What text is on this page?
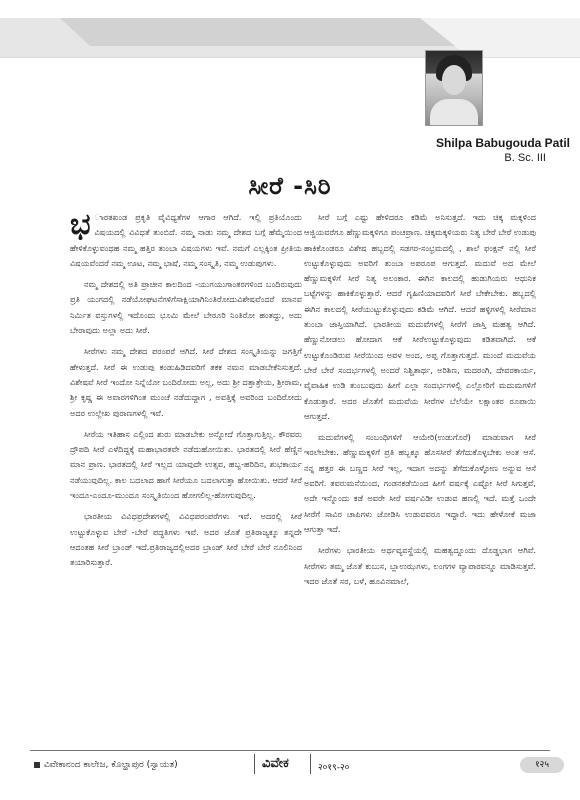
Shilpa Babugouda Patil
B. Sc. III
ಸೀರೆ -ಸಿರಿ

ಭ ಾರತಖಂಡ ಪ್ರಕೃತಿ ವೈವಿಧ್ಯತೆಗಳ ಆಗಾರ ಆಗಿದೆ. ಇಲ್ಲಿ ಪ್ರತಿಯೊಂದು ವಿಷಯದಲ್ಲಿ ವಿವಿಧತೆ ತುಂಬಿದೆ. ನಮ್ಮ ನಾಡು ನಮ್ಮ ದೇಶದ ಬಗ್ಗೆ ಹೆಮ್ಮೆಯಿಂದ ಹೇಳಿಕೊಳ್ಳುವಂಥಹ ನಮ್ಮ ಹತ್ತಿರ ತುಂಬಾ ವಿಷಯಗಳು ಇವೆ. ನಮಗೆ ಎಲ್ಲಕ್ಕಿಂತ ಪ್ರೀತಿಯ ವಿಷಯವೆಂದರೆ ನಮ್ಮ ಊಟ, ನಮ್ಮ ಭಾಷೆ, ನಮ್ಮ ಸಂಸ್ಕೃತಿ, ನಮ್ಮ ಉಡುಪುಗಳು.

ನಮ್ಮ ದೇಶದಲ್ಲಿ ಅತಿ ಪ್ರಾಚೀನ ಕಾಲದಿಂದ -ಯುಗಯುಗಾಂತರಗಳಿಂದ ಬಂದಿರುವುದು ಪ್ರತಿ ಯುಗದಲ್ಲಿ ನಡೆಯೋಘಟನೆಗಳಿಗೆಸಾಕ್ಷಿಯಾಗಿನಿಂತಿರೋದುವಿಶೇಷವೆಂದರೆ ಮಾನವ ನಿರ್ಮಿತ ವಸ್ತುಗಳಲ್ಲಿ ಇದೊಂದು ಭೂಮಿ ಮೇಲೆ ಬೇರೂರಿ ನಿಂತಿರೋ ಹಂತದ್ದು, ಅದು ಬೇರಾವುದು ಅಲ್ಲಾ ಅದು ಸೀರೆ.

ಸೀರೆಗಳು ನಮ್ಮ ದೇಶದ ಪರಂಪರೆ ಆಗಿದೆ. ಸೀರೆ ದೇಶದ ಸಂಸ್ಕೃತಿಯನ್ನು ಜಗತ್ತಿಗೆ ಹೇಳುತ್ತದೆ. ಸೀರೆ ಈ ಉಡುಪು ಕಂಡುಹಿಡಿದವರಿಗೆ ತಕಕ ನಮನ ಮಾಡಬೇಕೆನಿಸುತ್ತದೆ. ವಿಶೇಷವೆ ಸೀರೆ ಇಂದೋ ನಿನ್ನೆಯೋ ಬಂದಿರೋದು ಅಲ್ಲ, ಅದು ಶ್ರೀ ದತ್ತಾತ್ರೇಯ, ಶ್ರೀರಾಮ, ಶ್ರೀ ಕೃಷ್ಣ ಈ ಅವಾರಗಳಿಗಿಂತ ಮುಂಚೆ ನಡೆದುದ್ದಾಗ , ಅವತ್ತಿಕ್ಕೆ ಅವರಿಂದ ಬಂದಿರೋದು ಅದರ ಉಲ್ಲೇಖ ಪುರಾಣಗಳಲ್ಲಿ ಇವೆ.

ಸೀರೆಯ ಇತಿಹಾಸ ಎಲ್ಲಿಂದ ಶುರು ಮಾಡಬೇಕು ಅನ್ನೋದೆ ಗೊತ್ತಾಗುತ್ತಿಲ್ಲ. ಕೌರವರು ದ್ರೌಪದಿ ಸೀರೆ ಎಳೆದಿದ್ದಕ್ಕೆ ಮಹಾಭಾರತವೇ ನಡೆದುಹೋಯಿತು. ಭಾರತದಲ್ಲಿ ಸೀರೆ ಹೆಣ್ಣಿನ ಮಾನ ಪ್ರಾಣ. ಭಾರತದಲ್ಲಿ ಸೀರೆ ಇಲ್ಲದ ಯಾವುದೇ ಉತ್ಸವ, ಹಬ್ಬ-ಹರಿದಿನ, ಶುಭಕಾರ್ಯ ನಡೆಯುವುದಿಲ್ಲ. ಕಾಲ ಬದಲಾದ ಹಾಗೆ ಸೀರೆಯೂ ಬದಲಾಗುತ್ತಾ ಹೋಯಿತು. ಆದರೆ ಸೀರೆ ಇಂದೂ-ಎಂದೂ-ಮುಂದೂ ಸಂಸ್ಕೃತಿಯಿಂದ ಹೋಗಲಿಲ್ಲ-ಹೋಗುವುದಿಲ್ಲ.

ಭಾರತೀಯ ವಿವಿಧಪ್ರದೇಶಗಳಲ್ಲಿ ವಿವಿಧಪರಂಪರೆಗಳು ಇವೆ. ಅದರಲ್ಲಿ ಸೀರೆ ಉಟ್ಟುಕೊಳ್ಳುವ ಬೇರೆ -ಬೇರೆ ಪದ್ಧತಿಗಳು ಇವೆ. ಅದರ ಜೊತೆ ಪ್ರತಿರಾಜ್ಯಕ್ಕೂ ತನ್ನದೇ ಆದಂತಹ ಸೀರೆ ಬ್ರಾಂಡ್ ಇದೆ.ಪ್ರತಿರಾಜ್ಯದಲ್ಲಿಅದರ ಬ್ರಾಂಡ್ ಸೀರೆ ಬೇರೆ ಬೇರೆ ನೂಲಿನಿಂದ ತಯಾರಿಸುತ್ತಾರೆ.

ಸೀರೆ ಬಗ್ಗೆ ಎಷ್ಟು ಹೇಳಿದರೂ ಕಡಿಮೆ ಅನಿಸುತ್ತದೆ. ಇದು ಚಿಕ್ಕ ಮಕ್ಕಳಿಂದ ಆಜ್ಜಿಯವರೆಗೂ ಹೆಣ್ಣುಮಕ್ಕಳಿಗೂ ಪಂಚಪ್ರಾಣ. ಚಿಕ್ಕಮಕ್ಕಳಿಯರು ನಿತ್ಯ ಬೇರೆ ಬೇರೆ ಉಡುಪು ಹಾಕಿಕೊಂಡರೂ ವಿಶೇಷ ಹಬ್ಬದಲ್ಲಿ ಸಡಗರ-ಸಂಭ್ರಮದಲ್ಲಿ , ಶಾಲೆ ಫಂಕ್ಷನ್ ನಲ್ಲಿ ಸೀರೆ ಉಟ್ಟುಕೊಳ್ಳುವುದು ಅವರಿಗೆ ತುಂಬಾ ಅಪರೂಪ ಆಗುತ್ತದೆ. ಮದುವೆ ಅದ ಮೇಲೆ ಹೆಣ್ಣುಮಕ್ಕಳಿಗೆ ಸೀರೆ ನಿತ್ಯ ಅಲಂಕಾರ. ಈಗಿನ ಕಾಲದಲ್ಲಿ ಹುಡುಗಿಯರು ಆಧುನಿಕ ಬಟ್ಟೆಗಳನ್ನು ಹಾಕಿಕೊಳ್ಳುತ್ತಾರೆ. ಆದರೆ ಗೃಹಿಣಿಯಾದವರಿಗೆ ಸೀರೆ ಬೇಕೇಬೇಕು. ಹಬ್ಬದಲ್ಲಿ ಈಗಿನ ಕಾಲದಲ್ಲಿ ಸೀರೆಯುಟ್ಟುಕೊಳ್ಳುವುದು ಕಡಿಮೆ ಆಗಿದೆ. ಆದರೆ ಹಳ್ಳಿಗಳಲ್ಲಿ ಸೀರೆಮಾನ ತುಂಬಾ ಜಾಸ್ತಿಯಾಗಿದೆ. ಭಾರತೀಯ ಮದುವೆಗಳಲ್ಲಿ ಸೀರೆಗೆ ಜಾಸ್ತಿ ಮಹತ್ವ ಆಗಿದೆ. ಹೆಣ್ಣುನೋಡಲು ಹೋದಾಗ ಆಕೆ ಸೀರೆಉಟ್ಟುಕೊಳ್ಳುವುದು ಕಡಿತವಾಗಿದೆ. ಆಕೆ ಉಟ್ಟುಕೊಂಡಿರುವ ಸೀರೆಯಿಂದ ಅವಳ ಅಂದ, ಅಪ್ಪ ಗೊತ್ತಾಗುತ್ತದೆ. ಮುಂದೆ ಮದುವೆಯ ಬೇರೆ ಬೇರೆ ಸಂದರ್ಭಗಳಲ್ಲಿ ಅಂದರೆ ನಿಶ್ಚಿತಾರ್ಥ, ಅರಿಶಿಣ, ಮದರಂಗಿ, ದೇವರಕಾರ್ಯ, ವೈವಾಹಿಕ ಉಡಿ ತುಂಬುವುದು ಹೀಗೆ ಎಲ್ಲಾ ಸಂದರ್ಭಗಳಲ್ಲಿ ಎಲ್ಲೋರಿಗೆ ಮದುಮಗಳಿಗೆ ಕೊಡುತ್ತಾರೆ. ಅದರ ಜೊತೆಗೆ ಮದುವೆಯ ಸೀರೆಗಳ ಬೆಲೆಯೇ ಲಕ್ಷಾಂತರ ರೂಪಾಯಿ ಆಗುತ್ತದೆ.

ಮದುವೆಗಳಲ್ಲಿ ಸಂಬಂಧಿಗಳಿಗೆ ಆಯೇರಿ(ಉಡುಗೊರೆ) ಮಾಡುವಾಗ ಸೀರೆ ಇರಲೇಬೇಕು. ಹೆಣ್ಣುಮಕ್ಕಳಿಗೆ ಪ್ರತಿ ಹಬ್ಬಕ್ಕೂ ಹೊಸಸೀರೆ ತೆಗೆದುಕೊಳ್ಳಬೇಕು ಅಂತ ಆಸೆ. ನನ್ನ ಹತ್ತರ ಈ ಬಣ್ಣದ ಸೀರೆ ಇಲ್ಲ, ಇದಾಗ ಅದನ್ನು ತೆಗೆದುಕೊಳ್ಳೋಣ ಅನ್ನುವ ಆಸೆ ಅವರಿಗೆ. ತವರುಮನೆಯಿಂದ, ಗಂಡನಕಡೆಯಿಂದ ಹೀಗೆ ವರ್ಷಕ್ಕೆ ಎಷ್ಟೋ ಸೀರೆ ಸಿಗುತ್ತವೆ, ಅದೇ ಇನ್ನೊಂದು ಕಡೆ ಅವರೇ ಸೀರೆ ವರ್ಷವಿಡೀ ಉಡುವ ಹಣಲ್ಲಿ ಇದೆ. ಮತ್ತೆ ಒಂದೇ ಸೀರೆಗೆ ಸಾವಿರ ಚಾಪಿಗಳು ಜೋಡಿಸಿ ಉಡುವವರೂ ಇದ್ದಾರೆ. ಇದು ಹೇಳೋಕೆ ಮಜಾ ಆಗುತ್ತಾ ಇದೆ.

ಸೀರೆಗಳು ಭಾರತೀಯ ಅರ್ಥವ್ಯವಸ್ಥೆಯಲ್ಲಿ ಮಹತ್ವದ್ದೂಂದು ದೊಡ್ಡಭಾಗ ಆಗಿವೆ. ಸೀರೆಗಳು ತಮ್ಮ ಜೊತೆ ಕುಬುಸ, ಬ್ಲಾಉಝಗಳು, ಲಂಗಗಳ ವ್ಯಾಪಾರವನ್ನೂ ಮಾಡಿಸುತ್ತವೆ. ಇದರ ಜೊತೆ ಸರ, ಬಳೆ, ಹೂವಿನಮಾಲೆ,

ವಿವೇಕಾನಂದ ಕಾಲೇಜ, ಕೊಲ್ಹಾಪುರ (ಸ್ವಾಯತ)	ವಿವೇಕ	२०१९-२०	१२५
